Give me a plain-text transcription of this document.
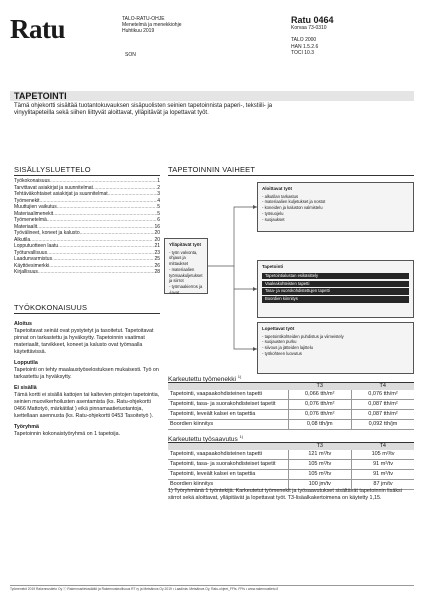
Ratu	TALO-RATU-OHJE
Menetelmä ja menekkiohje
Huhtikuu 2019
Ratu 0464
Korvaa 73-0310
TALO 2000
HAN 1.5.2.6
TOCI 10.3
SON
TAPETOINTI
Tämä ohjekortti sisältää tuotantokuvauksen sisäpuolisten seinien tapetoinnista paperi-, tekstiili- ja vinyylitapeteilla sekä siihen liittyvät aloittavat, ylläpitävät ja lopettavat työt.
SISÄLLYSLUETTELO
Työkokonaisuus .....	1
Tarvittavat asiakirjat ja suunnitelmat .....	2
Tehtäväkohtaiset asiakirjat ja suunnitelmat .....	3
Työmenekit .....	4
Muuttujien vaikutus .....	5
Materiaalimenekit .....	5
Työmenetelmä .....	6
Materiaalit .....	16
Työvälineet, koneet ja kalusto .....	20
Alkutila .....	20
Lopputuotteen laatu .....	21
Työturvallisuus .....	23
Laadunvarmistus .....	25
Käyttöesimerkki .....	26
Kirjallisuus .....	28
TAPETOINNIN VAIHEET
Ylläpitävät työt
- työn valvonta, ohjaus ja mittaukset
- materiaalien työmaakuljetukset ja siirrot
- työmaakierros ja -lavat
Aloittavat työt
- alkutilan tarkastus
- materiaalien kuljetukset ja nostot
- koneiden ja kaluston valmistelu
- työsuojelu
- suojaukset
Tapetointi
Tapetointialustan esikäsittely
Vaaleakohteisten tapetti
Tasa- ja vuorokohdistettujen tapetti
Boordien kiinnitys
Lopettavat työt
- tapetointikohteiden puhdistus ja viimeistely
- suojausten purku
- siivous ja jätteiden lajittelu
- työkohteen luovutus
TYÖKOKONAISUUS
Aloitus

Tapetoitavat seinät ovat pystytetyt ja tasoitetut. Tapetoitavat pinnat on tarkastettu ja hyväksytty. Tapetoinnin vaatimat materiaalit, tarvikkeet, koneet ja kalusto ovat työmaalla käytettävissä.

Lopputila

Tapetointi on tehty maalaustyöselostuksen mukaisesti. Työ on tarkastettu ja hyväksytty.

Ei sisällä

Tämä kortti ei sisällä kattojen tai kaltevien pintojen tapetointia, seinien muovikerhoilusten asentamista (ks. Ratu-ohjekortti 0466 Mattotyö, märkätilat ) eikä pinnamaatietuotantoja, luettellaan asennusta (ks. Ratu-ohjekortti 0453 Tasoitetyö ).

Työryhmä

Tapetoinnin kokonaistyöryhmä on 1 tapetoija.

Karkeutettu työmenekki $^{1)}$
	T3	T4
Tapetointi, vaapaakohdisteinen tapetti	0,066 tth/m²	0,076 tth/m²
Tapetointi, tasa- ja suorakohdisteiset tapetit	0,076 tth/m²	0,087 tth/m²
Tapetointi, leveält kalsei en tapettia	0,076 tth/m²	0,087 tth/m²
Boordien kiinnitys	0,08 tth/jm	0,092 tth/jm
Karkeutettu työsaavutus $^{1)}$
	T3	T4
Tapetointi, vaapaakohdisteinen tapetti	121 m²/tv	105 m²/tv
Tapetointi, tasa- ja suorakohdisteiset tapetit	105 m²/tv	91 m²/tv
Tapetointi, leveält kalsei en tapettia	105 m²/tv	91 m²/tv
Boordien kiinnitys	100 jm/tv	87 jm/tv
1) Työryhmänä 1 työntekijä. Karkeutetut työmenekit ja työsaavutukset sisältävät tapetoinnin lisäksi siirrot sekä aloittavat, ylläpitävät ja lopettavat työt. T3-lisäalkakertoimena on käytetty 1,15.
Työmenekit 2019 Rakennustieto Oy ⓒ Rakennustietosäätiö ja Rakennusteollisuus RT ry ja Metsäinva Oy 2019 • Laadinta: Metsäinva Oy, Ratu-ohjeet_FFfs, FFfs • www.rakennustieto.fi
